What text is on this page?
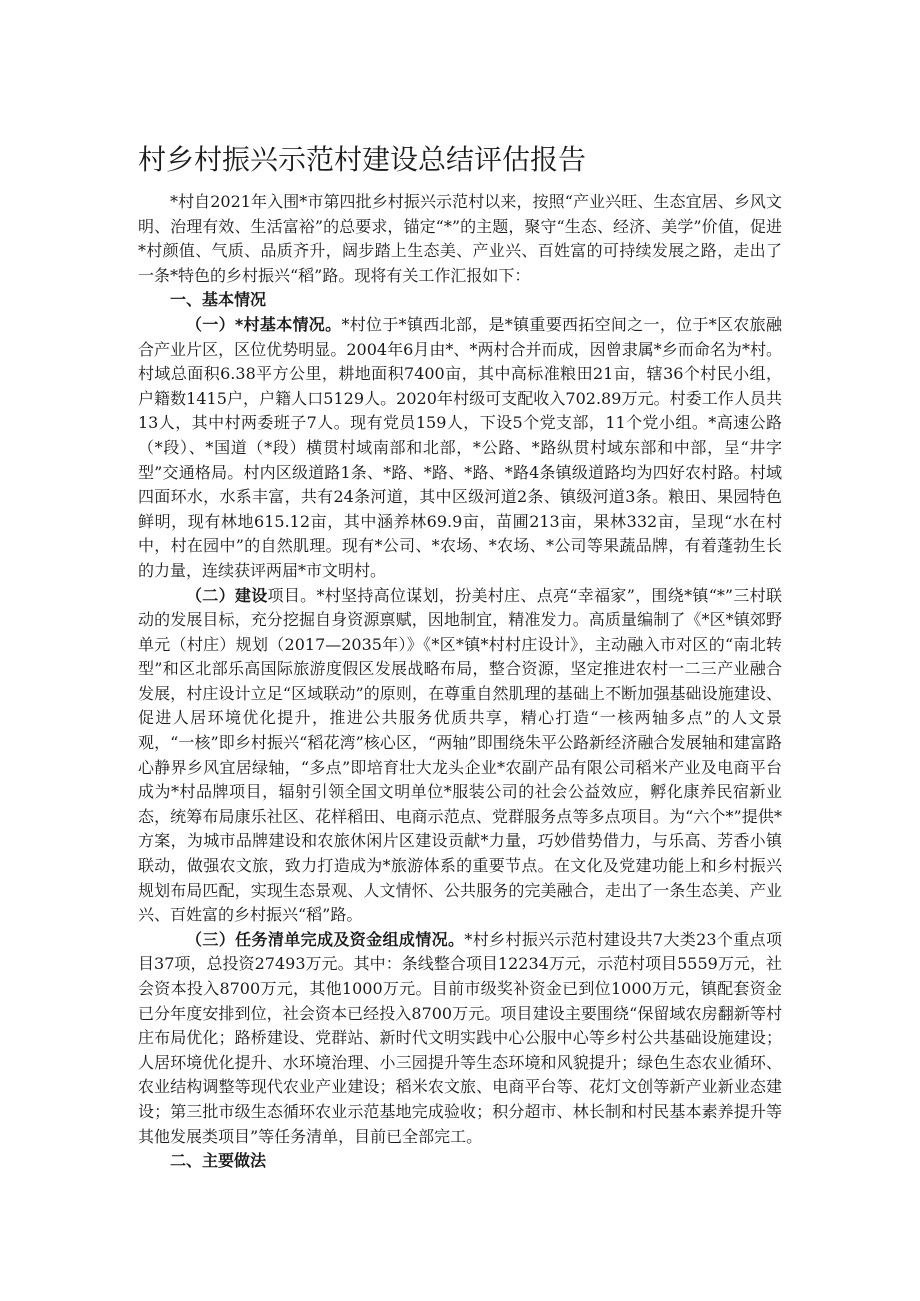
村乡村振兴示范村建设总结评估报告

*村自2021年入围*市第四批乡村振兴示范村以来，按照“产业兴旺、生态宜居、乡风文明、治理有效、生活富裕”的总要求，锚定“*”的主题，聚守“生态、经济、美学”价值，促进*村颜值、气质、品质齐升，阔步踏上生态美、产业兴、百姓富的可持续发展之路，走出了一条*特色的乡村振兴“稻”路。现将有关工作汇报如下：

一、基本情况

（一）*村基本情况。*村位于*镇西北部，是*镇重要西拓空间之一，位于*区农旅融合产业片区，区位优势明显。2004年6月由*、*两村合并而成，因曾隶属*乡而命名为*村。村域总面积6.38平方公里，耕地面积7400亩，其中高标准粮田21亩，辖36个村民小组，户籍数1415户，户籍人口5129人。2020年村级可支配收入702.89万元。村委工作人员共13人，其中村两委班子7人。现有党员159人，下设5个党支部，11个党小组。*高速公路（*段）、*国道（*段）横贯村域南部和北部，*公路、*路纵贯村域东部和中部，呈“井字型”交通格局。村内区级道路1条、*路、*路、*路、*路4条镇级道路均为四好农村路。村域四面环水，水系丰富，共有24条河道，其中区级河道2条、镇级河道3条。粮田、果园特色鲜明，现有林地615.12亩，其中涵养林69.9亩，苗圃213亩，果林332亩，呈现“水在村中，村在园中”的自然肌理。现有*公司、*农场、*农场、*公司等果蔬品牌，有着蓬勃生长的力量，连续获评两届*市文明村。

（二）建设项目。*村坚持高位谋划，扮美村庄、点亮“幸福家”，围绕*镇“*”三村联动的发展目标，充分挖掘自身资源禀赋，因地制宜，精准发力。高质量编制了《*区*镇郊野单元（村庄）规划（2017—2035年）》《*区*镇*村村庄设计》，主动融入市对区的“南北转型”和区北部乐高国际旅游度假区发展战略布局，整合资源，坚定推进农村一二三产业融合发展，村庄设计立足“区域联动”的原则，在尊重自然肌理的基础上不断加强基础设施建设、促进人居环境优化提升，推进公共服务优质共享，精心打造“一核两轴多点”的人文景观，“一核”即乡村振兴“稻花湾”核心区，“两轴”即围绕朱平公路新经济融合发展轴和建富路心静界乡风宜居绿轴，“多点”即培育壮大龙头企业*农副产品有限公司稻米产业及电商平台成为*村品牌项目，辐射引领全国文明单位*服装公司的社会公益效应，孵化康养民宿新业态，统筹布局康乐社区、花样稻田、电商示范点、党群服务点等多点项目。为“六个*”提供*方案，为城市品牌建设和农旅休闲片区建设贡献*力量，巧妙借势借力，与乐高、芳香小镇联动，做强农文旅，致力打造成为*旅游体系的重要节点。在文化及党建功能上和乡村振兴规划布局匹配，实现生态景观、人文情怀、公共服务的完美融合，走出了一条生态美、产业兴、百姓富的乡村振兴“稻”路。

（三）任务清单完成及资金组成情况。*村乡村振兴示范村建设共7大类23个重点项目37项，总投资27493万元。其中：条线整合项目12234万元，示范村项目5559万元，社会资本投入8700万元，其他1000万元。目前市级奖补资金已到位1000万元，镇配套资金已分年度安排到位，社会资本已经投入8700万元。项目建设主要围绕“保留域农房翻新等村庄布局优化；路桥建设、党群站、新时代文明实践中心公服中心等乡村公共基础设施建设；人居环境优化提升、水环境治理、小三园提升等生态环境和风貌提升；绿色生态农业循环、农业结构调整等现代农业产业建设；稻米农文旅、电商平台等、花灯文创等新产业新业态建设；第三批市级生态循环农业示范基地完成验收；积分超市、林长制和村民基本素养提升等其他发展类项目”等任务清单，目前已全部完工。

二、主要做法
